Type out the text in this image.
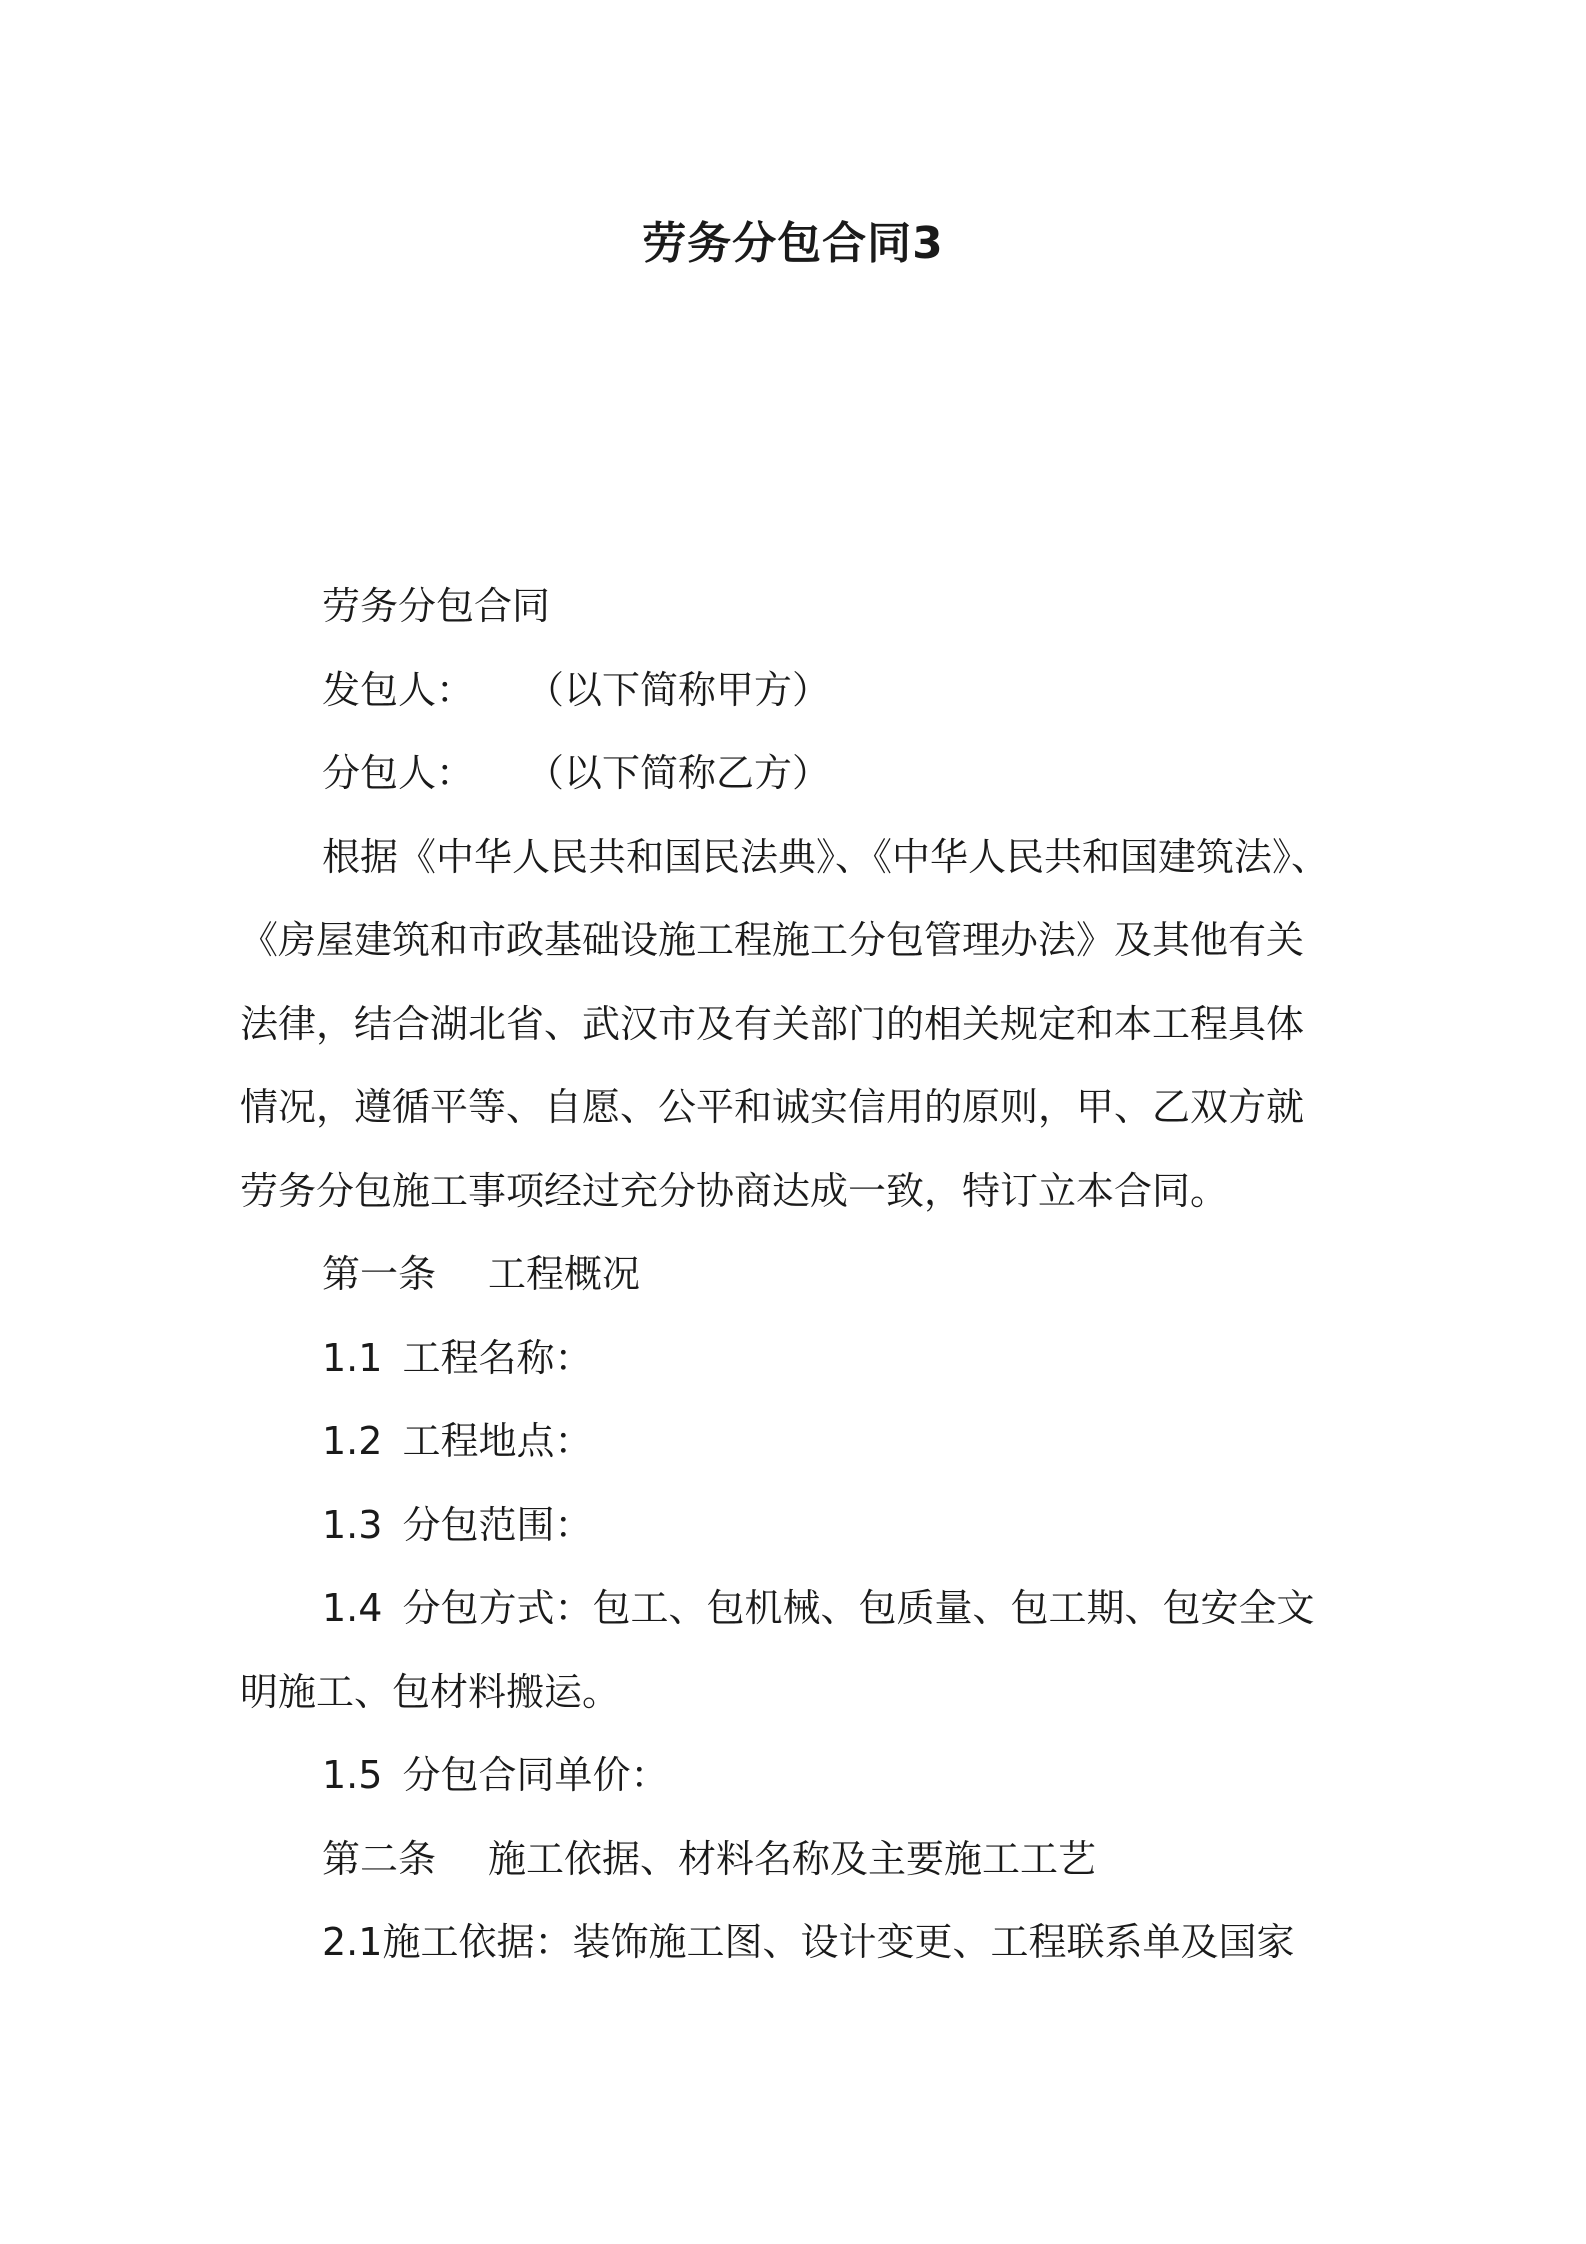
劳务分包合同3

劳务分包合同

发包人： （以下简称甲方）

分包人： （以下简称乙方）

根据《中华人民共和国民法典》、《中华人民共和国建筑法》、

《房屋建筑和市政基础设施工程施工分包管理办法》及其他有关

法律，结合湖北省、武汉市及有关部门的相关规定和本工程具体

情况，遵循平等、自愿、公平和诚实信用的原则，甲、乙双方就

劳务分包施工事项经过充分协商达成一致，特订立本合同。

第一条 工程概况

1.1 工程名称：

1.2 工程地点：

1.3 分包范围：

1.4 分包方式：包工、包机械、包质量、包工期、包安全文

明施工、包材料搬运。

1.5 分包合同单价：

第二条 施工依据、材料名称及主要施工工艺

2.1施工依据：装饰施工图、设计变更、工程联系单及国家
